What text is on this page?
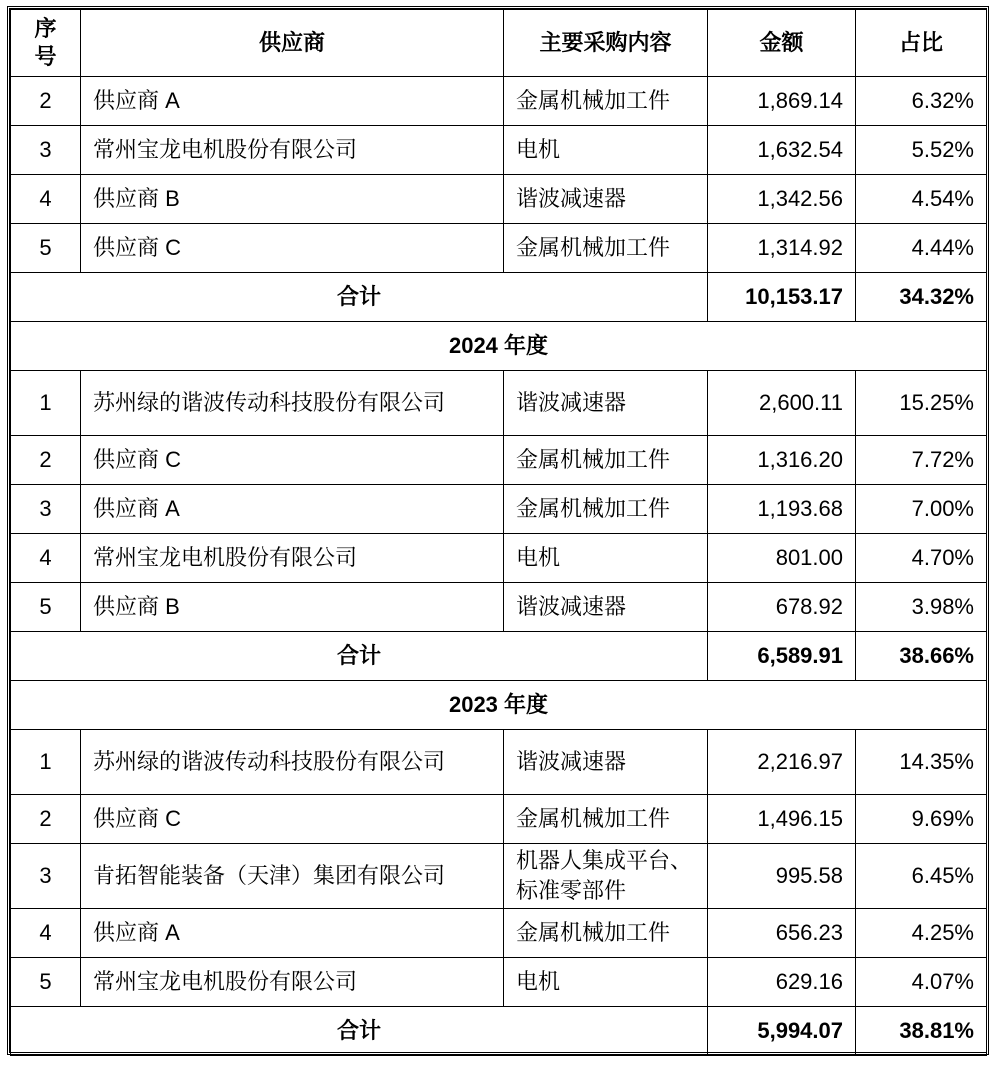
序号	供应商	主要采购内容	金额	占比
2	供应商 A	金属机械加工件	1,869.14	6.32%
3	常州宝龙电机股份有限公司	电机	1,632.54	5.52%
4	供应商 B	谐波减速器	1,342.56	4.54%
5	供应商 C	金属机械加工件	1,314.92	4.44%
合计			10,153.17	34.32%
2024 年度				
1	苏州绿的谐波传动科技股份有限公司	谐波减速器	2,600.11	15.25%
2	供应商 C	金属机械加工件	1,316.20	7.72%
3	供应商 A	金属机械加工件	1,193.68	7.00%
4	常州宝龙电机股份有限公司	电机	801.00	4.70%
5	供应商 B	谐波减速器	678.92	3.98%
合计			6,589.91	38.66%
2023 年度				
1	苏州绿的谐波传动科技股份有限公司	谐波减速器	2,216.97	14.35%
2	供应商 C	金属机械加工件	1,496.15	9.69%
3	肯拓智能装备（天津）集团有限公司	机器人集成平台、标准零部件	995.58	6.45%
4	供应商 A	金属机械加工件	656.23	4.25%
5	常州宝龙电机股份有限公司	电机	629.16	4.07%
合计			5,994.07	38.81%
